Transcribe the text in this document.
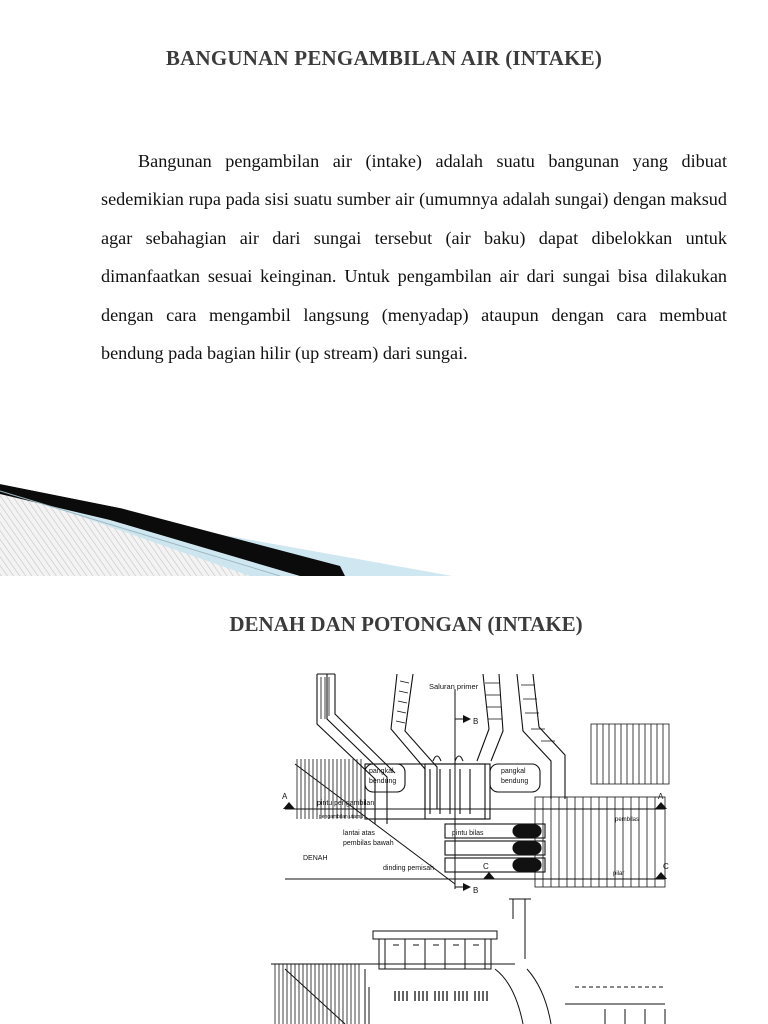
BANGUNAN PENGAMBILAN AIR (INTAKE)
Bangunan pengambilan air (intake) adalah suatu bangunan yang dibuat sedemikian rupa pada sisi suatu sumber air (umumnya adalah sungai) dengan maksud agar sebahagian air dari sungai tersebut (air baku) dapat dibelokkan untuk dimanfaatkan sesuai keinginan. Untuk pengambilan air dari sungai bisa dilakukan dengan cara mengambil langsung (menyadap) ataupun dengan cara membuat bendung pada bagian hilir (up stream) dari sungai.
DENAH DAN POTONGAN (INTAKE)
Saluran primer
B
B
A	A
C	C
pangkal
bendung
pangkal
bendung
pintu pengambilan
pengambilan utama
lantai atas
pembilas bawah
pintu bilas
pembilas
DENAH
dinding pemisah
pilar
